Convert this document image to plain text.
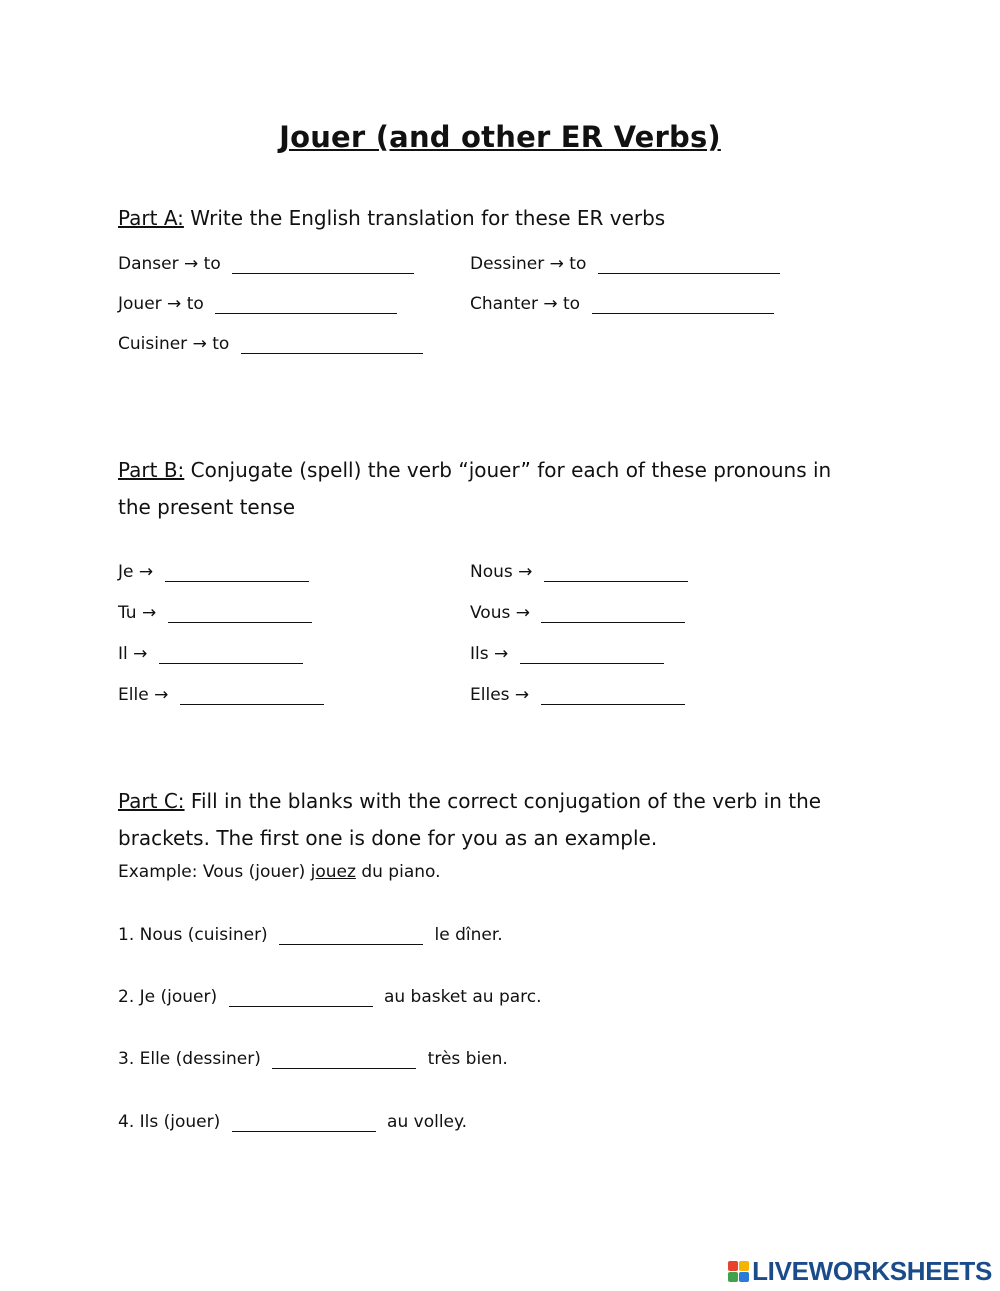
Jouer (and other ER Verbs)
Part A: Write the English translation for these ER verbs
Danser → to	Dessiner → to
Jouer → to	Chanter → to
Cuisiner → to
Part B: Conjugate (spell) the verb “jouer” for each of these pronouns in
the present tense
Je →	Nous →
Tu →	Vous →
Il →	Ils →
Elle →	Elles →
Part C: Fill in the blanks with the correct conjugation of the verb in the
brackets. The first one is done for you as an example.
Example: Vous (jouer) jouez du piano.
1. Nous (cuisiner)	le dîner.
2. Je (jouer)	au basket au parc.
3. Elle (dessiner)	très bien.
4. Ils (jouer)	au volley.
LIVEWORKSHEETS
